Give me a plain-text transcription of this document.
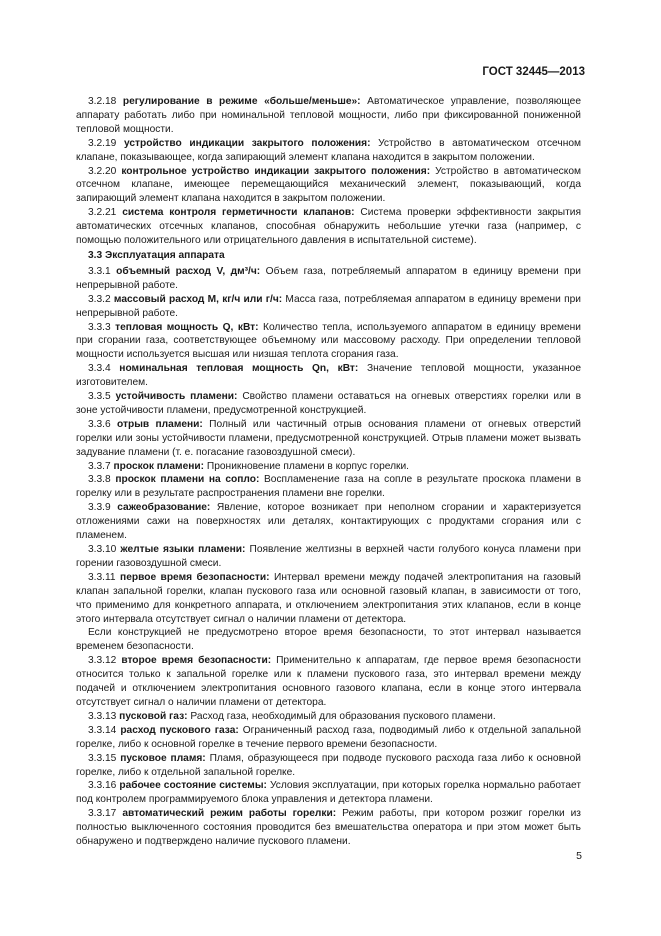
ГОСТ 32445—2013

3.2.18 регулирование в режиме «больше/меньше»: Автоматическое управление, позволяющее аппарату работать либо при номинальной тепловой мощности, либо при фиксированной пониженной тепловой мощности.

3.2.19 устройство индикации закрытого положения: Устройство в автоматическом отсечном клапане, показывающее, когда запирающий элемент клапана находится в закрытом положении.

3.2.20 контрольное устройство индикации закрытого положения: Устройство в автоматическом отсечном клапане, имеющее перемещающийся механический элемент, показывающий, когда запирающий элемент клапана находится в закрытом положении.

3.2.21 система контроля герметичности клапанов: Система проверки эффективности закрытия автоматических отсечных клапанов, способная обнаружить небольшие утечки газа (например, с помощью положительного или отрицательного давления в испытательной системе).

3.3 Эксплуатация аппарата

3.3.1 объемный расход V, дм³/ч: Объем газа, потребляемый аппаратом в единицу времени при непрерывной работе.

3.3.2 массовый расход M, кг/ч или г/ч: Масса газа, потребляемая аппаратом в единицу времени при непрерывной работе.

3.3.3 тепловая мощность Q, кВт: Количество тепла, используемого аппаратом в единицу времени при сгорании газа, соответствующее объемному или массовому расходу. При определении тепловой мощности используется высшая или низшая теплота сгорания газа.

3.3.4 номинальная тепловая мощность Qn, кВт: Значение тепловой мощности, указанное изготовителем.

3.3.5 устойчивость пламени: Свойство пламени оставаться на огневых отверстиях горелки или в зоне устойчивости пламени, предусмотренной конструкцией.

3.3.6 отрыв пламени: Полный или частичный отрыв основания пламени от огневых отверстий горелки или зоны устойчивости пламени, предусмотренной конструкцией. Отрыв пламени может вызвать задувание пламени (т. е. погасание газовоздушной смеси).

3.3.7 проскок пламени: Проникновение пламени в корпус горелки.

3.3.8 проскок пламени на сопло: Воспламенение газа на сопле в результате проскока пламени в горелку или в результате распространения пламени вне горелки.

3.3.9 сажеобразование: Явление, которое возникает при неполном сгорании и характеризуется отложениями сажи на поверхностях или деталях, контактирующих с продуктами сгорания или с пламенем.

3.3.10 желтые языки пламени: Появление желтизны в верхней части голубого конуса пламени при горении газовоздушной смеси.

3.3.11 первое время безопасности: Интервал времени между подачей электропитания на газовый клапан запальной горелки, клапан пускового газа или основной газовый клапан, в зависимости от того, что применимо для конкретного аппарата, и отключением электропитания этих клапанов, если в конце этого интервала отсутствует сигнал о наличии пламени от детектора.

Если конструкцией не предусмотрено второе время безопасности, то этот интервал называется временем безопасности.

3.3.12 второе время безопасности: Применительно к аппаратам, где первое время безопасности относится только к запальной горелке или к пламени пускового газа, это интервал времени между подачей и отключением электропитания основного газового клапана, если в конце этого интервала отсутствует сигнал о наличии пламени от детектора.

3.3.13 пусковой газ: Расход газа, необходимый для образования пускового пламени.

3.3.14 расход пускового газа: Ограниченный расход газа, подводимый либо к отдельной запальной горелке, либо к основной горелке в течение первого времени безопасности.

3.3.15 пусковое пламя: Пламя, образующееся при подводе пускового расхода газа либо к основной горелке, либо к отдельной запальной горелке.

3.3.16 рабочее состояние системы: Условия эксплуатации, при которых горелка нормально работает под контролем программируемого блока управления и детектора пламени.

3.3.17 автоматический режим работы горелки: Режим работы, при котором розжиг горелки из полностью выключенного состояния проводится без вмешательства оператора и при этом может быть обнаружено и подтверждено наличие пускового пламени.

5
